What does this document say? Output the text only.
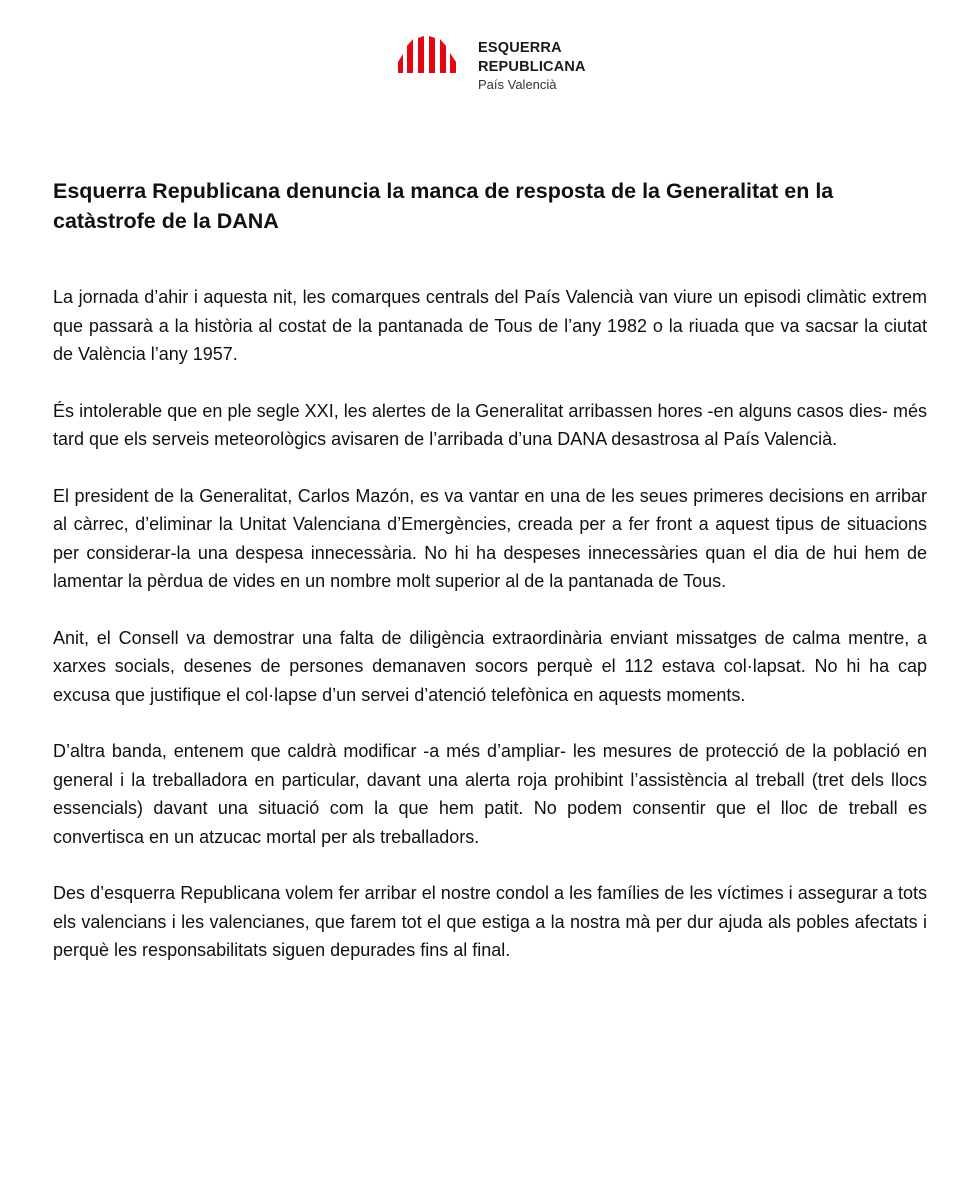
ESQUERRA
REPUBLICANA
País Valencià
Esquerra Republicana denuncia la manca de resposta de la Generalitat en la catàstrofe de la DANA

La jornada d’ahir i aquesta nit, les comarques centrals del País Valencià van viure un episodi climàtic extrem que passarà a la història al costat de la pantanada de Tous de l’any 1982 o la riuada que va sacsar la ciutat de València l’any 1957.

És intolerable que en ple segle XXI, les alertes de la Generalitat arribassen hores -en alguns casos dies- més tard que els serveis meteorològics avisaren de l’arribada d’una DANA desastrosa al País Valencià.

El president de la Generalitat, Carlos Mazón, es va vantar en una de les seues primeres decisions en arribar al càrrec, d’eliminar la Unitat Valenciana d’Emergències, creada per a fer front a aquest tipus de situacions per considerar-la una despesa innecessària. No hi ha despeses innecessàries quan el dia de hui hem de lamentar la pèrdua de vides en un nombre molt superior al de la pantanada de Tous.

Anit, el Consell va demostrar una falta de diligència extraordinària enviant missatges de calma mentre, a xarxes socials, desenes de persones demanaven socors perquè el 112 estava col·lapsat. No hi ha cap excusa que justifique el col·lapse d’un servei d’atenció telefònica en aquests moments.

D’altra banda, entenem que caldrà modificar -a més d’ampliar- les mesures de protecció de la població en general i la treballadora en particular, davant una alerta roja prohibint l’assistència al treball (tret dels llocs essencials) davant una situació com la que hem patit. No podem consentir que el lloc de treball es convertisca en un atzucac mortal per als treballadors.

Des d’esquerra Republicana volem fer arribar el nostre condol a les famílies de les víctimes i assegurar a tots els valencians i les valencianes, que farem tot el que estiga a la nostra mà per dur ajuda als pobles afectats i perquè les responsabilitats siguen depurades fins al final.
